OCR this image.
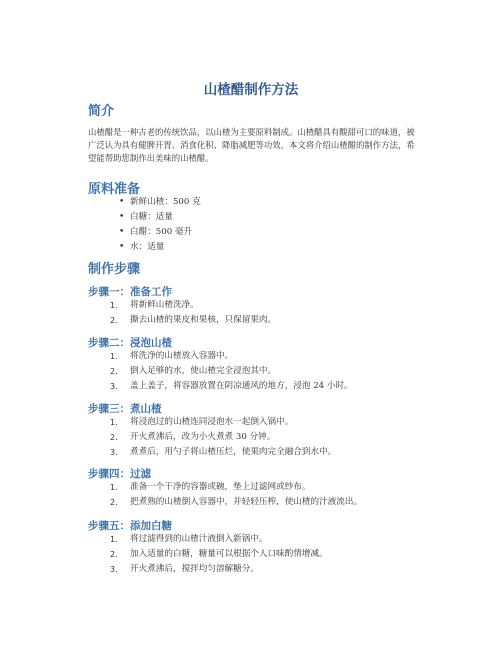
山楂醋制作方法
简介

山楂醋是一种古老的传统饮品，以山楂为主要原料制成。山楂醋具有酸甜可口的味道，被广泛认为具有健脾开胃、消食化积、降脂减肥等功效。本文将介绍山楂醋的制作方法，希望能帮助您制作出美味的山楂醋。

原料准备
• 新鲜山楂：500 克
• 白糖：适量
• 白醋：500 毫升
• 水：适量
制作步骤
步骤一：准备工作
1. 将新鲜山楂洗净。
2. 撕去山楂的果皮和果核，只保留果肉。
步骤二：浸泡山楂
1. 将洗净的山楂放入容器中。
2. 倒入足够的水，使山楂完全浸泡其中。
3. 盖上盖子，将容器放置在阴凉通风的地方，浸泡 24 小时。
步骤三：煮山楂
1. 将浸泡过的山楂连同浸泡水一起倒入锅中。
2. 开火煮沸后，改为小火煮煮 30 分钟。
3. 煮煮后，用勺子将山楂压烂，使果肉完全融合到水中。
步骤四：过滤
1. 准备一个干净的容器或碗，垫上过滤网或纱布。
2. 把煮熟的山楂倒入容器中，并轻轻压榨，使山楂的汁液流出。
步骤五：添加白糖
1. 将过滤得到的山楂汁液倒入新锅中。
2. 加入适量的白糖，糖量可以根据个人口味酌情增减。
3. 开火煮沸后，搅拌均匀溶解糖分。
